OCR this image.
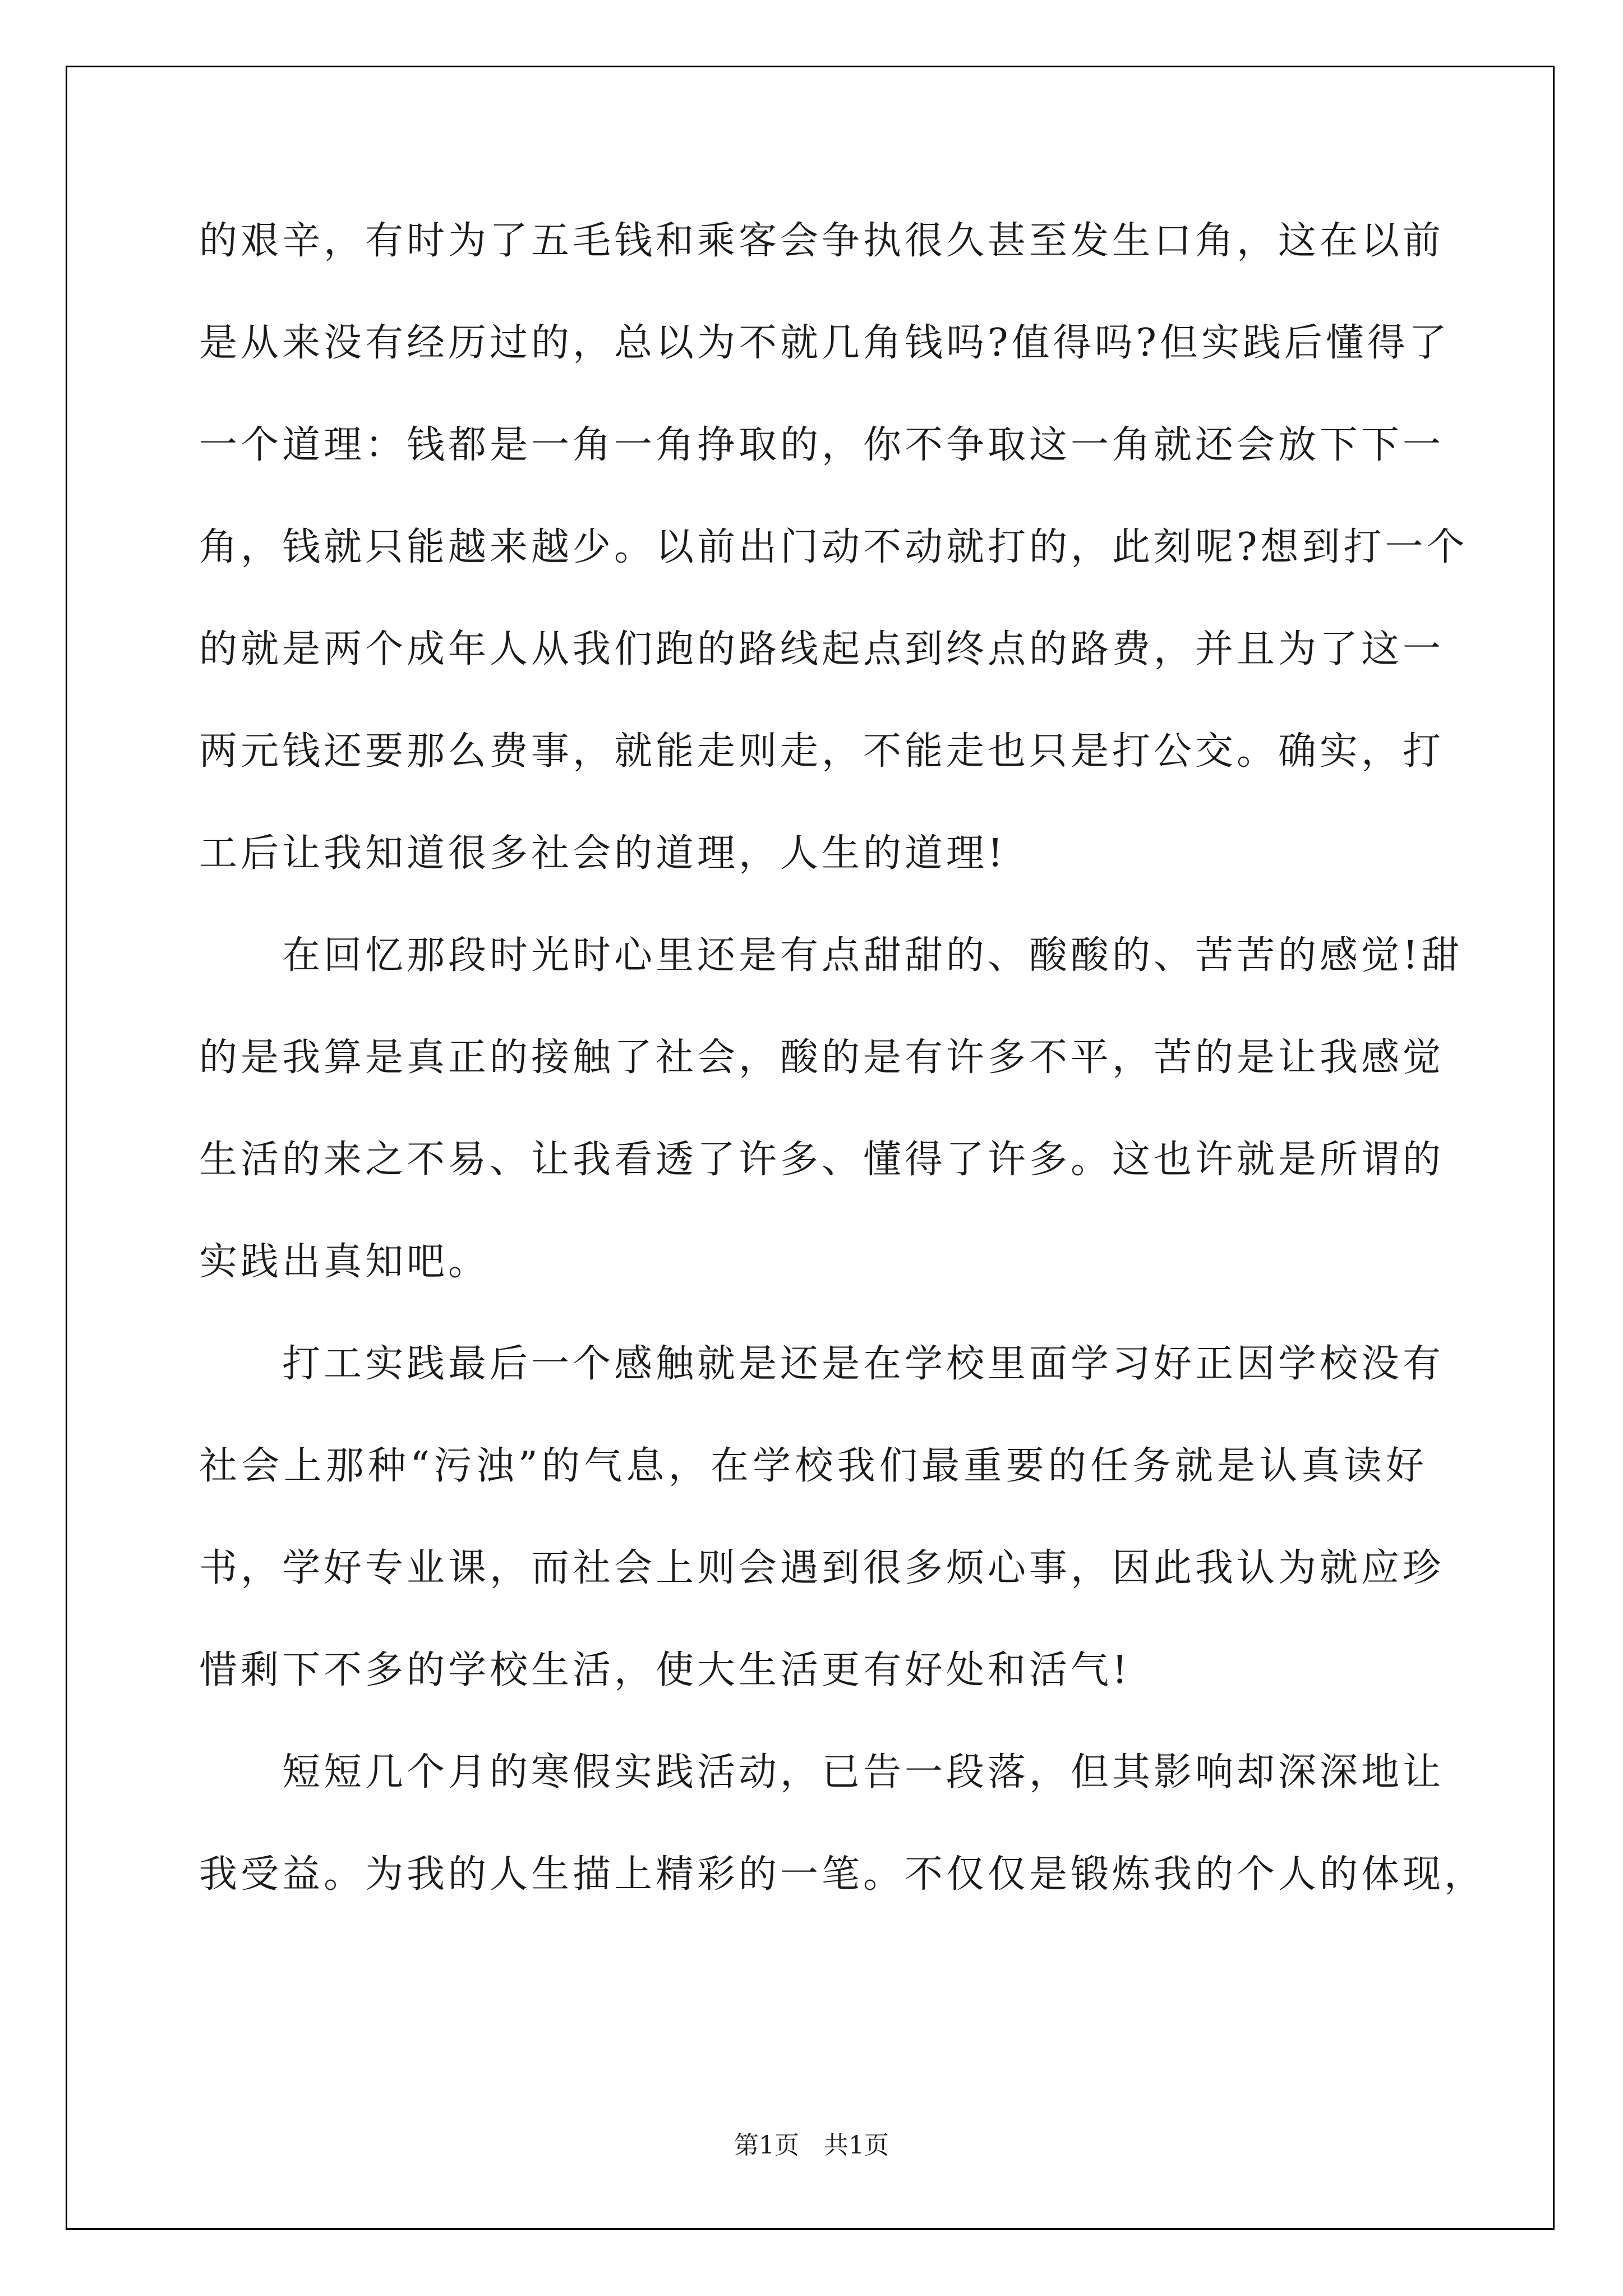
的艰辛，有时为了五毛钱和乘客会争执很久甚至发生口角，这在以前
是从来没有经历过的，总以为不就几角钱吗?值得吗?但实践后懂得了
一个道理：钱都是一角一角挣取的，你不争取这一角就还会放下下一
角，钱就只能越来越少。以前出门动不动就打的，此刻呢?想到打一个
的就是两个成年人从我们跑的路线起点到终点的路费，并且为了这一
两元钱还要那么费事，就能走则走，不能走也只是打公交。确实，打
工后让我知道很多社会的道理，人生的道理!
在回忆那段时光时心里还是有点甜甜的、酸酸的、苦苦的感觉!甜
的是我算是真正的接触了社会，酸的是有许多不平，苦的是让我感觉
生活的来之不易、让我看透了许多、懂得了许多。这也许就是所谓的
实践出真知吧。
打工实践最后一个感触就是还是在学校里面学习好正因学校没有
社会上那种“污浊”的气息，在学校我们最重要的任务就是认真读好
书，学好专业课，而社会上则会遇到很多烦心事，因此我认为就应珍
惜剩下不多的学校生活，使大生活更有好处和活气!
短短几个月的寒假实践活动，已告一段落，但其影响却深深地让
我受益。为我的人生描上精彩的一笔。不仅仅是锻炼我的个人的体现，
第1页　共1页
